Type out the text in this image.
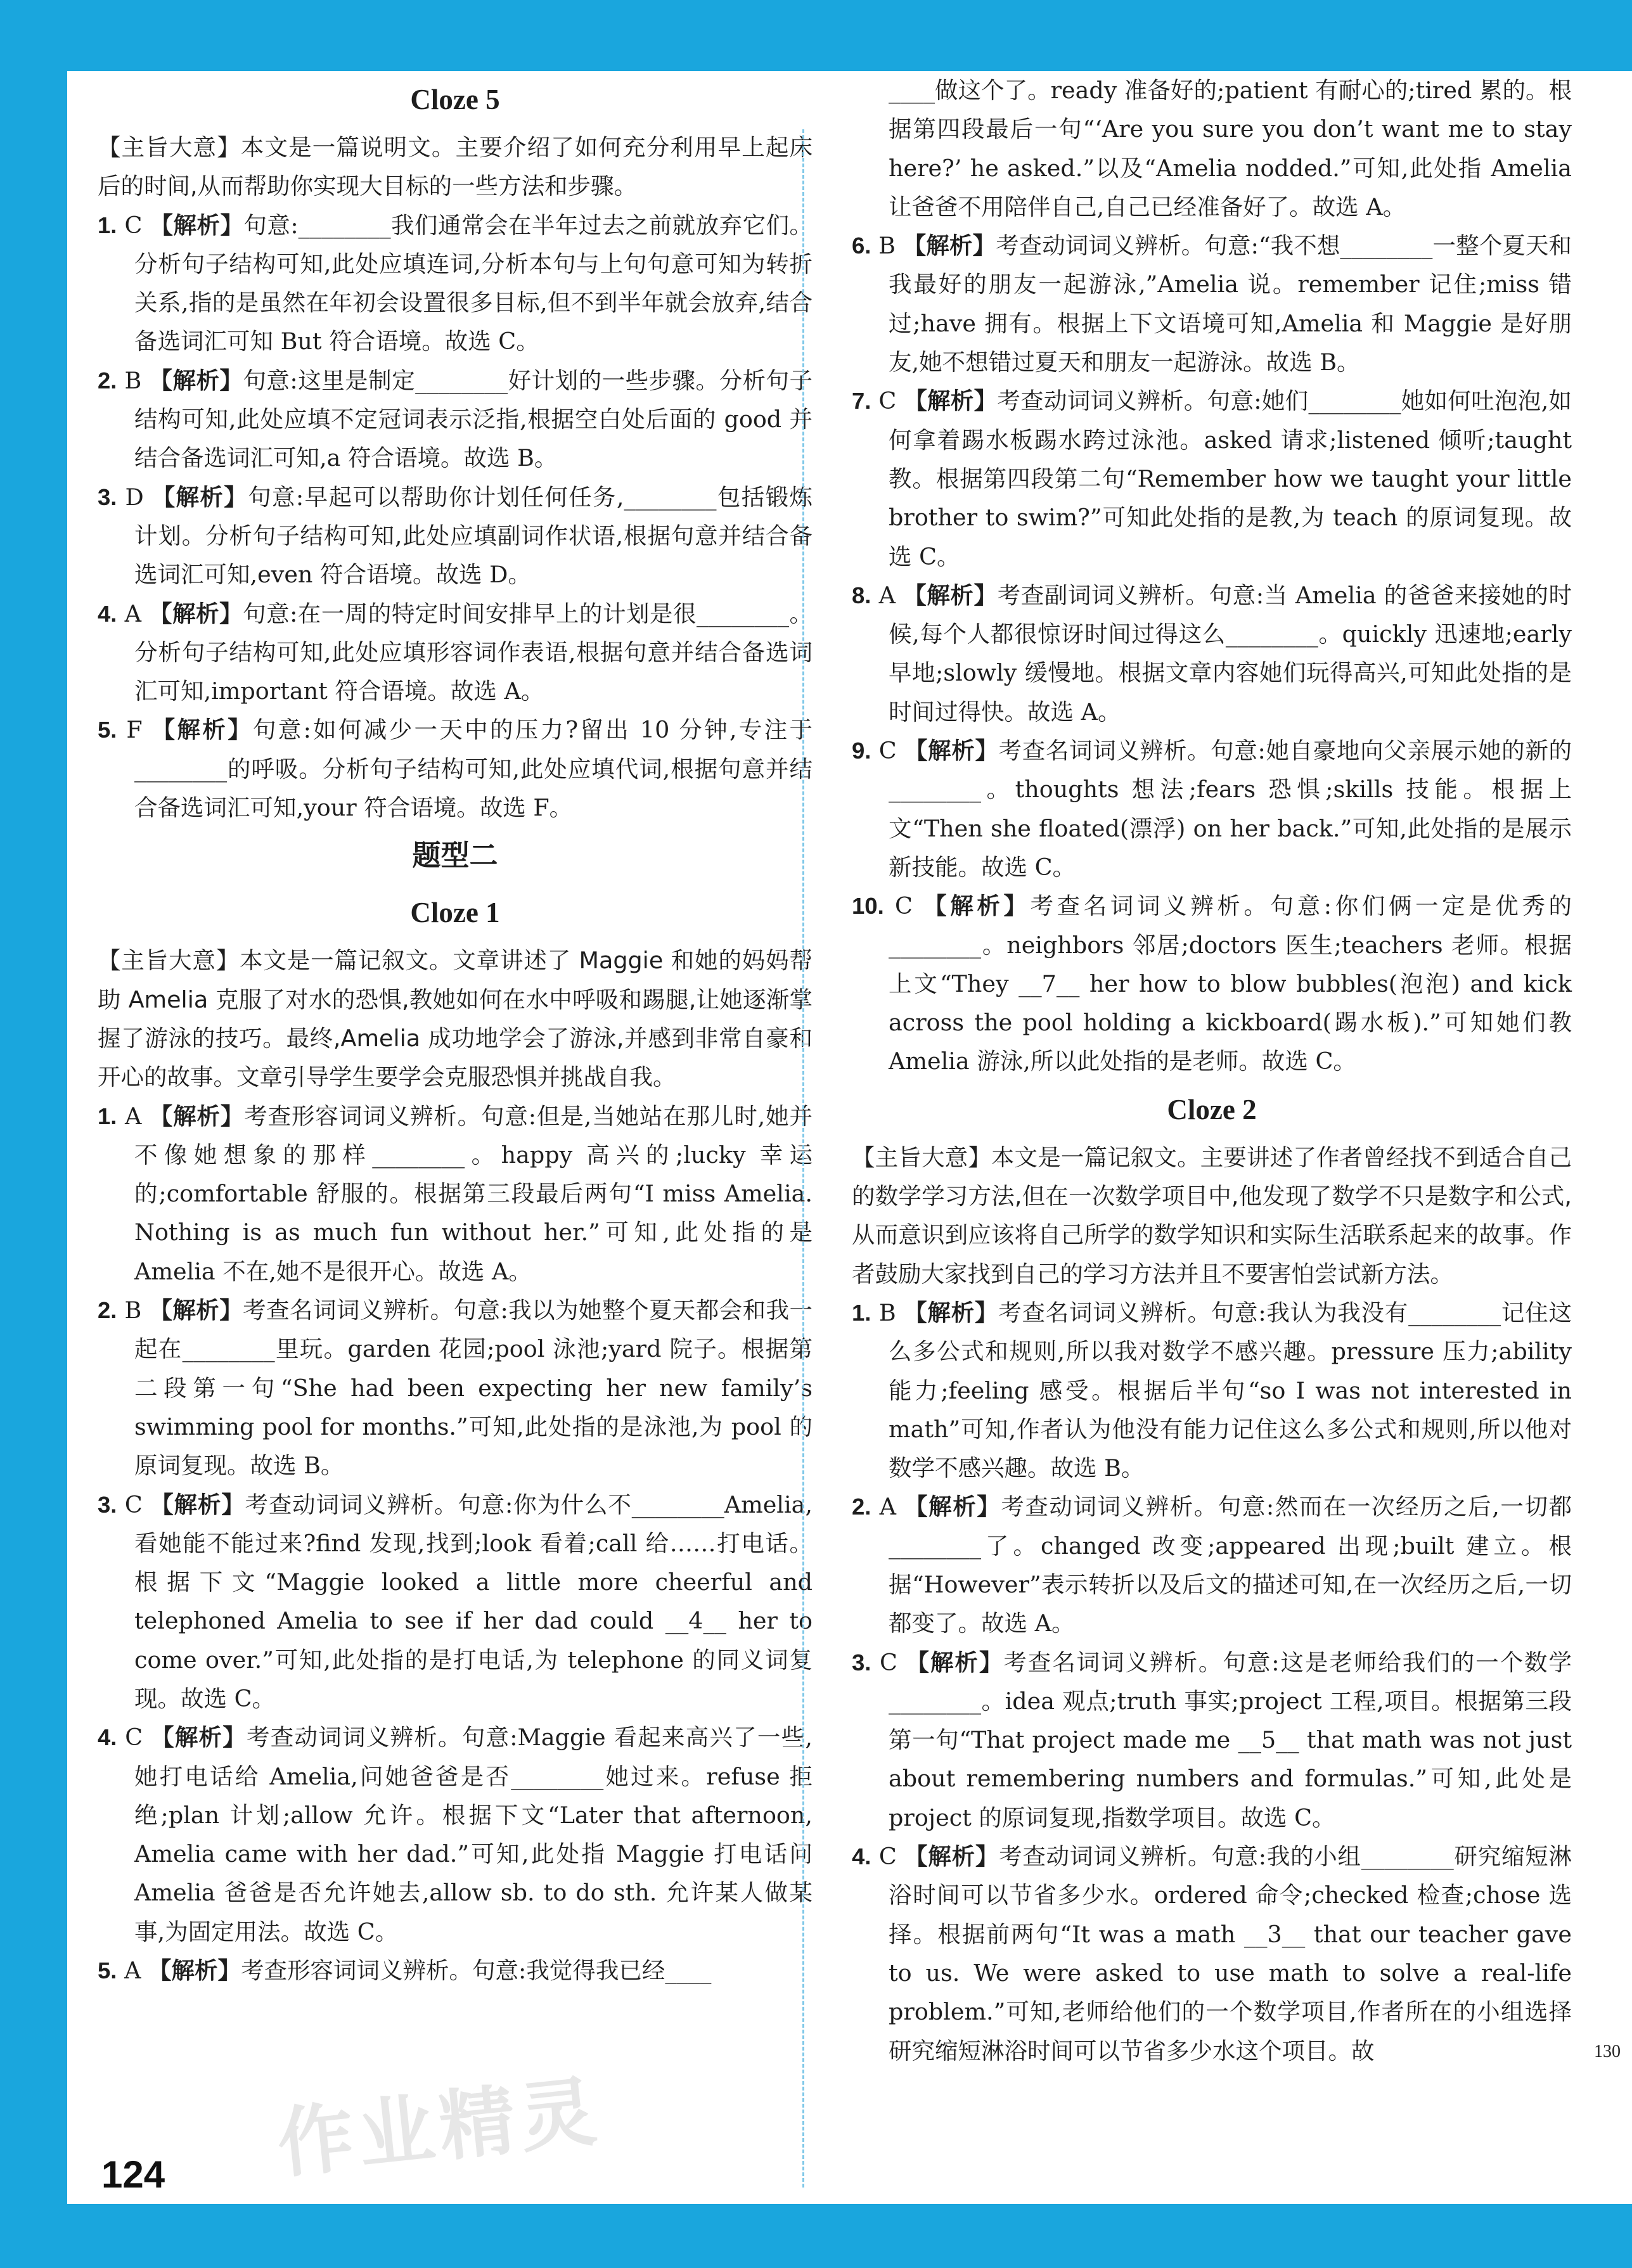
Cloze 5
【主旨大意】本文是一篇说明文。主要介绍了如何充分利用早上起床后的时间,从而帮助你实现大目标的一些方法和步骤。
1. C 【解析】句意:________我们通常会在半年过去之前就放弃它们。分析句子结构可知,此处应填连词,分析本句与上句句意可知为转折关系,指的是虽然在年初会设置很多目标,但不到半年就会放弃,结合备选词汇可知 But 符合语境。故选 C。
2. B 【解析】句意:这里是制定________好计划的一些步骤。分析句子结构可知,此处应填不定冠词表示泛指,根据空白处后面的 good 并结合备选词汇可知,a 符合语境。故选 B。
3. D 【解析】句意:早起可以帮助你计划任何任务,________包括锻炼计划。分析句子结构可知,此处应填副词作状语,根据句意并结合备选词汇可知,even 符合语境。故选 D。
4. A 【解析】句意:在一周的特定时间安排早上的计划是很________。分析句子结构可知,此处应填形容词作表语,根据句意并结合备选词汇可知,important 符合语境。故选 A。
5. F 【解析】句意:如何减少一天中的压力?留出 10 分钟,专注于________的呼吸。分析句子结构可知,此处应填代词,根据句意并结合备选词汇可知,your 符合语境。故选 F。
题型二
Cloze 1
【主旨大意】本文是一篇记叙文。文章讲述了 Maggie 和她的妈妈帮助 Amelia 克服了对水的恐惧,教她如何在水中呼吸和踢腿,让她逐渐掌握了游泳的技巧。最终,Amelia 成功地学会了游泳,并感到非常自豪和开心的故事。文章引导学生要学会克服恐惧并挑战自我。
1. A 【解析】考查形容词词义辨析。句意:但是,当她站在那儿时,她并不像她想象的那样________。happy 高兴的;lucky 幸运的;comfortable 舒服的。根据第三段最后两句“I miss Amelia. Nothing is as much fun without her.”可知,此处指的是 Amelia 不在,她不是很开心。故选 A。
2. B 【解析】考查名词词义辨析。句意:我以为她整个夏天都会和我一起在________里玩。garden 花园;pool 泳池;yard 院子。根据第二段第一句“She had been expecting her new family’s swimming pool for months.”可知,此处指的是泳池,为 pool 的原词复现。故选 B。
3. C 【解析】考查动词词义辨析。句意:你为什么不________Amelia,看她能不能过来?find 发现,找到;look 看着;call 给……打电话。根据下文“Maggie looked a little more cheerful and telephoned Amelia to see if her dad could __4__ her to come over.”可知,此处指的是打电话,为 telephone 的同义词复现。故选 C。
4. C 【解析】考查动词词义辨析。句意:Maggie 看起来高兴了一些,她打电话给 Amelia,问她爸爸是否________她过来。refuse 拒绝;plan 计划;allow 允许。根据下文“Later that afternoon, Amelia came with her dad.”可知,此处指 Maggie 打电话问 Amelia 爸爸是否允许她去,allow sb. to do sth. 允许某人做某事,为固定用法。故选 C。
5. A 【解析】考查形容词词义辨析。句意:我觉得我已经____
____做这个了。ready 准备好的;patient 有耐心的;tired 累的。根据第四段最后一句“‘Are you sure you don’t want me to stay here?’ he asked.”以及“Amelia nodded.”可知,此处指 Amelia 让爸爸不用陪伴自己,自己已经准备好了。故选 A。
6. B 【解析】考查动词词义辨析。句意:“我不想________一整个夏天和我最好的朋友一起游泳,”Amelia 说。remember 记住;miss 错过;have 拥有。根据上下文语境可知,Amelia 和 Maggie 是好朋友,她不想错过夏天和朋友一起游泳。故选 B。
7. C 【解析】考查动词词义辨析。句意:她们________她如何吐泡泡,如何拿着踢水板踢水跨过泳池。asked 请求;listened 倾听;taught 教。根据第四段第二句“Remember how we taught your little brother to swim?”可知此处指的是教,为 teach 的原词复现。故选 C。
8. A 【解析】考查副词词义辨析。句意:当 Amelia 的爸爸来接她的时候,每个人都很惊讶时间过得这么________。quickly 迅速地;early 早地;slowly 缓慢地。根据文章内容她们玩得高兴,可知此处指的是时间过得快。故选 A。
9. C 【解析】考查名词词义辨析。句意:她自豪地向父亲展示她的新的________。thoughts 想法;fears 恐惧;skills 技能。根据上文“Then she floated(漂浮) on her back.”可知,此处指的是展示新技能。故选 C。
10. C 【解析】考查名词词义辨析。句意:你们俩一定是优秀的________。neighbors 邻居;doctors 医生;teachers 老师。根据上文“They __7__ her how to blow bubbles(泡泡) and kick across the pool holding a kickboard(踢水板).”可知她们教 Amelia 游泳,所以此处指的是老师。故选 C。
Cloze 2
【主旨大意】本文是一篇记叙文。主要讲述了作者曾经找不到适合自己的数学学习方法,但在一次数学项目中,他发现了数学不只是数字和公式,从而意识到应该将自己所学的数学知识和实际生活联系起来的故事。作者鼓励大家找到自己的学习方法并且不要害怕尝试新方法。
1. B 【解析】考查名词词义辨析。句意:我认为我没有________记住这么多公式和规则,所以我对数学不感兴趣。pressure 压力;ability 能力;feeling 感受。根据后半句“so I was not interested in math”可知,作者认为他没有能力记住这么多公式和规则,所以他对数学不感兴趣。故选 B。
2. A 【解析】考查动词词义辨析。句意:然而在一次经历之后,一切都________了。changed 改变;appeared 出现;built 建立。根据“However”表示转折以及后文的描述可知,在一次经历之后,一切都变了。故选 A。
3. C 【解析】考查名词词义辨析。句意:这是老师给我们的一个数学________。idea 观点;truth 事实;project 工程,项目。根据第三段第一句“That project made me __5__ that math was not just about remembering numbers and formulas.”可知,此处是 project 的原词复现,指数学项目。故选 C。
4. C 【解析】考查动词词义辨析。句意:我的小组________研究缩短淋浴时间可以节省多少水。ordered 命令;checked 检查;chose 选择。根据前两句“It was a math __3__ that our teacher gave to us. We were asked to use math to solve a real-life problem.”可知,老师给他们的一个数学项目,作者所在的小组选择研究缩短淋浴时间可以节省多少水这个项目。故
124
130
作业精灵
